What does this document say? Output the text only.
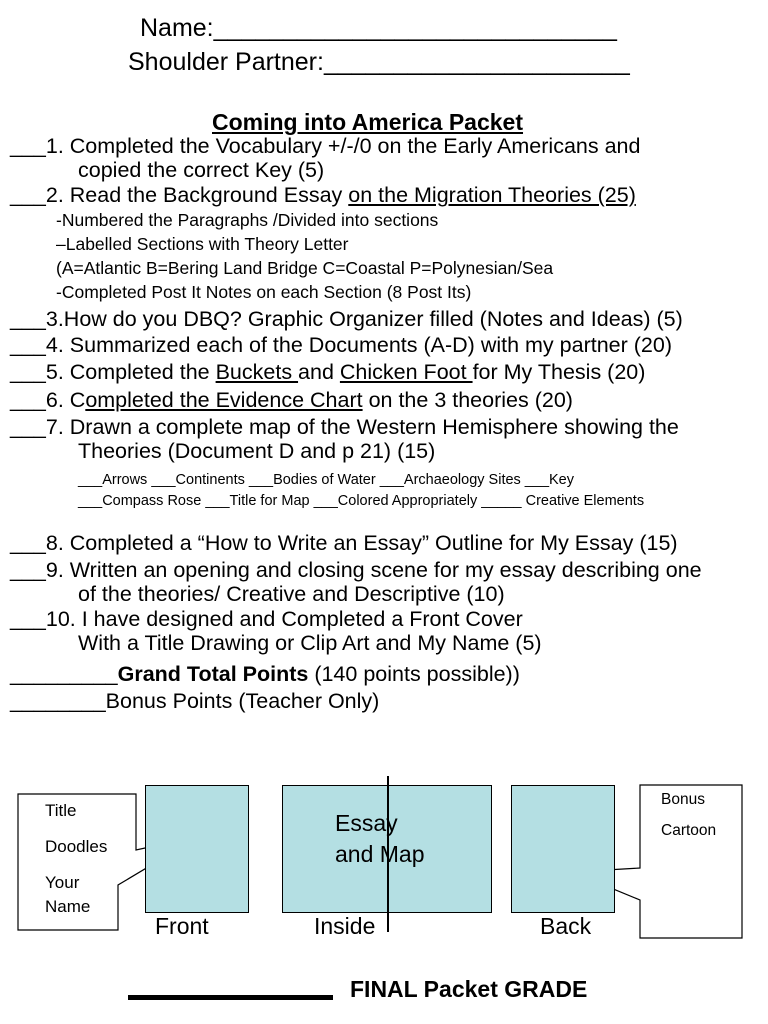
Name:_____________________________
Shoulder Partner:______________________
Coming into America Packet
___1. Completed the Vocabulary +/-/0 on the Early Americans and
copied the correct Key (5)
___2. Read the Background Essay on the Migration Theories (25)
-Numbered the Paragraphs /Divided into sections
–Labelled Sections with Theory Letter
(A=Atlantic B=Bering Land Bridge C=Coastal P=Polynesian/Sea
-Completed Post It Notes on each Section (8 Post Its)
___3.How do you DBQ? Graphic Organizer filled (Notes and Ideas) (5)
___4. Summarized each of the Documents (A-D) with my partner (20)
___5. Completed the Buckets and Chicken Foot for My Thesis (20)
___6. Completed the Evidence Chart on the 3 theories (20)
___7. Drawn a complete map of the Western Hemisphere showing the
Theories (Document D and p 21) (15)
___Arrows ___Continents ___Bodies of Water ___Archaeology Sites ___Key
___Compass Rose ___Title for Map ___Colored Appropriately _____ Creative Elements
___8. Completed a “How to Write an Essay” Outline for My Essay (15)
___9. Written an opening and closing scene for my essay describing one
of the theories/ Creative and Descriptive (10)
___10. I have designed and Completed a Front Cover
With a Title Drawing or Clip Art and My Name (5)
_________Grand Total Points (140 points possible))
________Bonus Points (Teacher Only)
Title
Doodles
Your
Name
Essay
and Map
Bonus
Cartoon
Front	Inside	Back
FINAL Packet GRADE
